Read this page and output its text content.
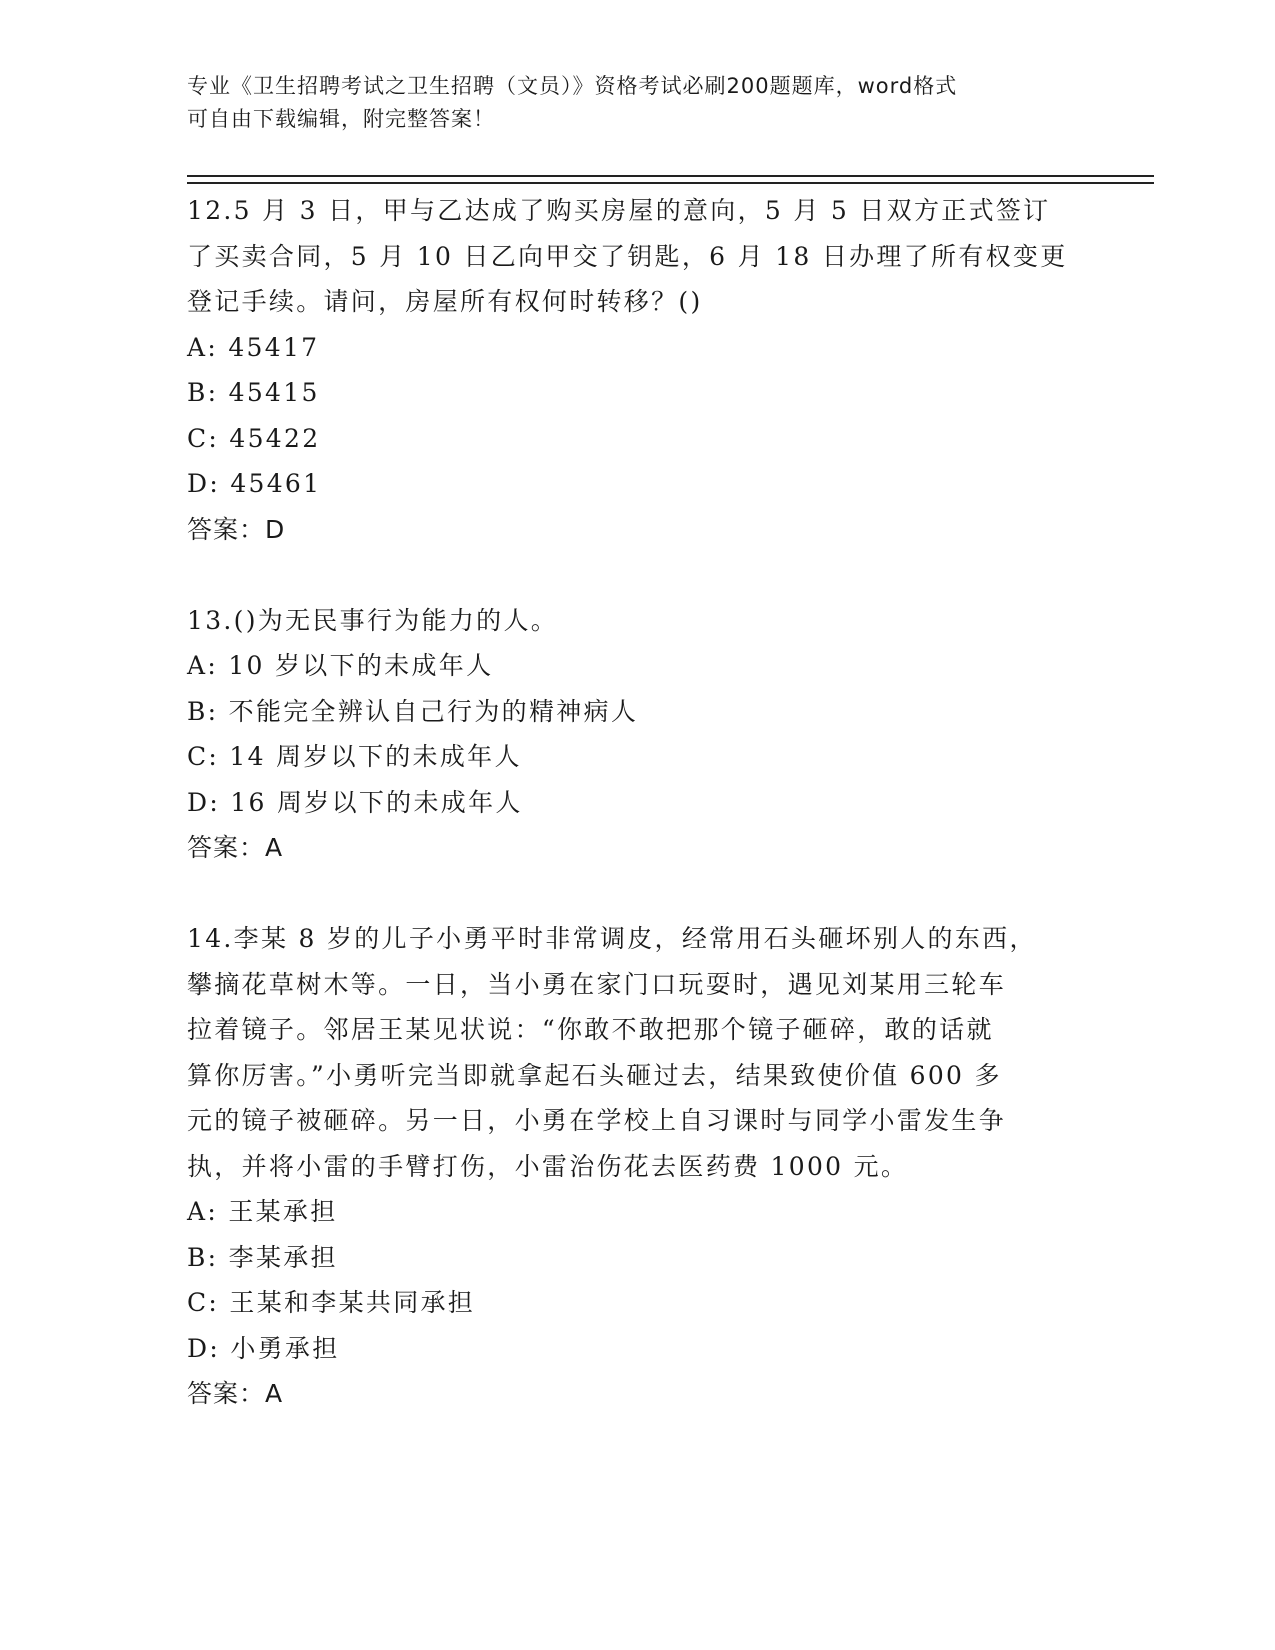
专业《卫生招聘考试之卫生招聘（文员）》资格考试必刷200题题库，word格式
可自由下载编辑，附完整答案！

12.5 月 3 日，甲与乙达成了购买房屋的意向，5 月 5 日双方正式签订

了买卖合同，5 月 10 日乙向甲交了钥匙，6 月 18 日办理了所有权变更

登记手续。请问，房屋所有权何时转移？()

A: 45417

B: 45415

C: 45422

D: 45461

答案：D

13.()为无民事行为能力的人。

A: 10 岁以下的未成年人

B: 不能完全辨认自己行为的精神病人

C: 14 周岁以下的未成年人

D: 16 周岁以下的未成年人

答案：A

14.李某 8 岁的儿子小勇平时非常调皮，经常用石头砸坏别人的东西，

攀摘花草树木等。一日，当小勇在家门口玩耍时，遇见刘某用三轮车

拉着镜子。邻居王某见状说：“你敢不敢把那个镜子砸碎，敢的话就

算你厉害。”小勇听完当即就拿起石头砸过去，结果致使价值 600 多

元的镜子被砸碎。另一日，小勇在学校上自习课时与同学小雷发生争

执，并将小雷的手臂打伤，小雷治伤花去医药费 1000 元。

A: 王某承担

B: 李某承担

C: 王某和李某共同承担

D: 小勇承担

答案：A
